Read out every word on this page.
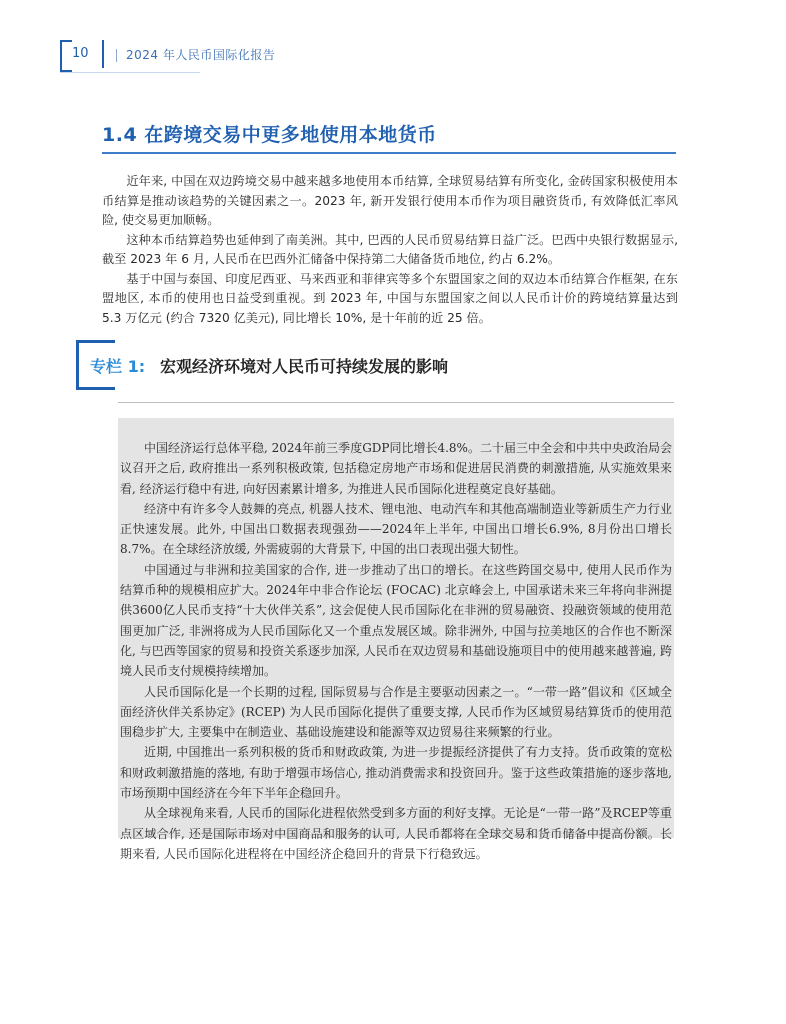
10	2024 年人民币国际化报告
1.4 在跨境交易中更多地使用本地货币

近年来, 中国在双边跨境交易中越来越多地使用本币结算, 全球贸易结算有所变化, 金砖国家积极使用本币结算是推动该趋势的关键因素之一。2023 年, 新开发银行使用本币作为项目融资货币, 有效降低汇率风险, 使交易更加顺畅。

这种本币结算趋势也延伸到了南美洲。其中, 巴西的人民币贸易结算日益广泛。巴西中央银行数据显示, 截至 2023 年 6 月, 人民币在巴西外汇储备中保持第二大储备货币地位, 约占 6.2%。

基于中国与泰国、印度尼西亚、马来西亚和菲律宾等多个东盟国家之间的双边本币结算合作框架, 在东盟地区, 本币的使用也日益受到重视。到 2023 年, 中国与东盟国家之间以人民币计价的跨境结算量达到 5.3 万亿元 (约合 7320 亿美元), 同比增长 10%, 是十年前的近 25 倍。

专栏 1: 宏观经济环境对人民币可持续发展的影响

中国经济运行总体平稳, 2024年前三季度GDP同比增长4.8%。二十届三中全会和中共中央政治局会议召开之后, 政府推出一系列积极政策, 包括稳定房地产市场和促进居民消费的刺激措施, 从实施效果来看, 经济运行稳中有进, 向好因素累计增多, 为推进人民币国际化进程奠定良好基础。

经济中有许多令人鼓舞的亮点, 机器人技术、锂电池、电动汽车和其他高端制造业等新质生产力行业正快速发展。此外, 中国出口数据表现强劲——2024年上半年, 中国出口增长6.9%, 8月份出口增长8.7%。在全球经济放缓, 外需疲弱的大背景下, 中国的出口表现出强大韧性。

中国通过与非洲和拉美国家的合作, 进一步推动了出口的增长。在这些跨国交易中, 使用人民币作为结算币种的规模相应扩大。2024年中非合作论坛 (FOCAC) 北京峰会上, 中国承诺未来三年将向非洲提供3600亿人民币支持“十大伙伴关系”, 这会促使人民币国际化在非洲的贸易融资、投融资领域的使用范围更加广泛, 非洲将成为人民币国际化又一个重点发展区域。除非洲外, 中国与拉美地区的合作也不断深化, 与巴西等国家的贸易和投资关系逐步加深, 人民币在双边贸易和基础设施项目中的使用越来越普遍, 跨境人民币支付规模持续增加。

人民币国际化是一个长期的过程, 国际贸易与合作是主要驱动因素之一。“一带一路”倡议和《区域全面经济伙伴关系协定》(RCEP) 为人民币国际化提供了重要支撑, 人民币作为区域贸易结算货币的使用范围稳步扩大, 主要集中在制造业、基础设施建设和能源等双边贸易往来频繁的行业。

近期, 中国推出一系列积极的货币和财政政策, 为进一步提振经济提供了有力支持。货币政策的宽松和财政刺激措施的落地, 有助于增强市场信心, 推动消费需求和投资回升。鉴于这些政策措施的逐步落地, 市场预期中国经济在今年下半年企稳回升。

从全球视角来看, 人民币的国际化进程依然受到多方面的利好支撑。无论是“一带一路”及RCEP等重点区域合作, 还是国际市场对中国商品和服务的认可, 人民币都将在全球交易和货币储备中提高份额。长期来看, 人民币国际化进程将在中国经济企稳回升的背景下行稳致远。
